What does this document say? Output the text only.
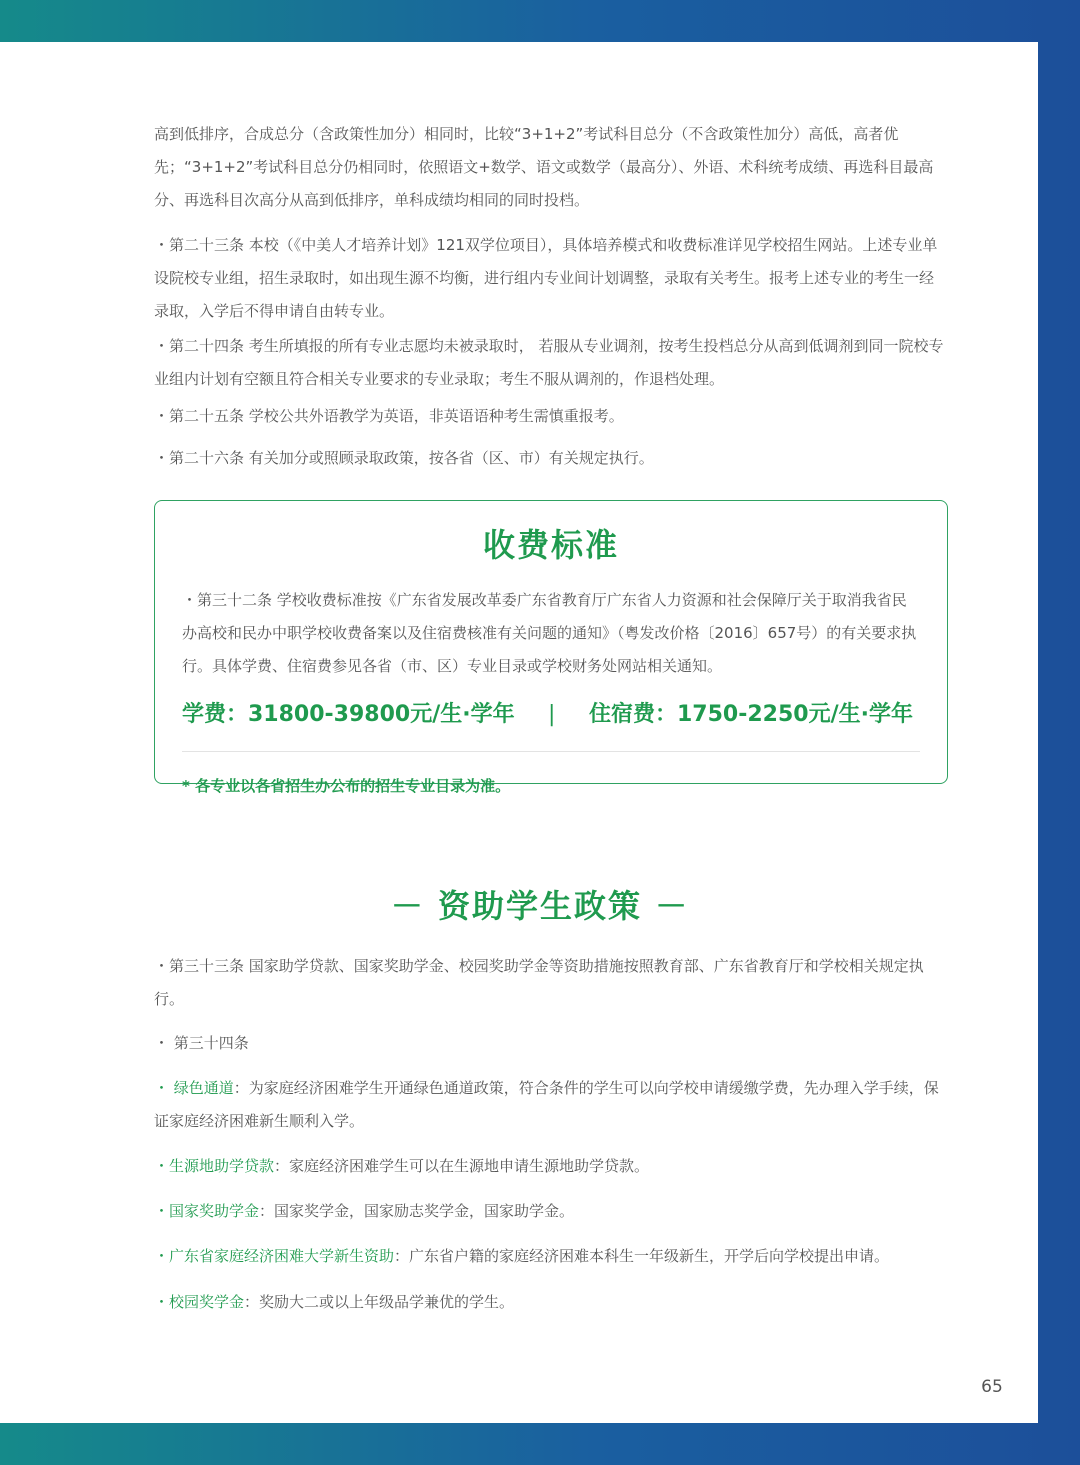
高到低排序，合成总分（含政策性加分）相同时，比较“3+1+2”考试科目总分（不含政策性加分）高低，高者优先；“3+1+2”考试科目总分仍相同时，依照语文+数学、语文或数学（最高分）、外语、术科统考成绩、再选科目最高分、再选科目次高分从高到低排序，单科成绩均相同的同时投档。
・第二十三条 本校（《中美人才培养计划》121双学位项目），具体培养模式和收费标准详见学校招生网站。上述专业单设院校专业组，招生录取时，如出现生源不均衡，进行组内专业间计划调整，录取有关考生。报考上述专业的考生一经录取，入学后不得申请自由转专业。
・第二十四条 考生所填报的所有专业志愿均未被录取时， 若服从专业调剂，按考生投档总分从高到低调剂到同一院校专业组内计划有空额且符合相关专业要求的专业录取；考生不服从调剂的，作退档处理。
・第二十五条 学校公共外语教学为英语，非英语语种考生需慎重报考。
・第二十六条 有关加分或照顾录取政策，按各省（区、市）有关规定执行。
收费标准
・第三十二条 学校收费标准按《广东省发展改革委广东省教育厅广东省人力资源和社会保障厅关于取消我省民办高校和民办中职学校收费备案以及住宿费核准有关问题的通知》（粤发改价格〔2016〕657号）的有关要求执行。具体学费、住宿费参见各省（市、区）专业目录或学校财务处网站相关通知。
学费：31800-39800元/生·学年 | 住宿费：1750-2250元/生·学年
* 各专业以各省招生办公布的招生专业目录为准。
－ 资助学生政策 －
・第三十三条 国家助学贷款、国家奖助学金、校园奖助学金等资助措施按照教育部、广东省教育厅和学校相关规定执行。
・ 第三十四条
・ 绿色通道：为家庭经济困难学生开通绿色通道政策，符合条件的学生可以向学校申请缓缴学费，先办理入学手续，保证家庭经济困难新生顺利入学。
・生源地助学贷款：家庭经济困难学生可以在生源地申请生源地助学贷款。
・国家奖助学金：国家奖学金，国家励志奖学金，国家助学金。
・广东省家庭经济困难大学新生资助：广东省户籍的家庭经济困难本科生一年级新生，开学后向学校提出申请。
・校园奖学金：奖励大二或以上年级品学兼优的学生。
65
